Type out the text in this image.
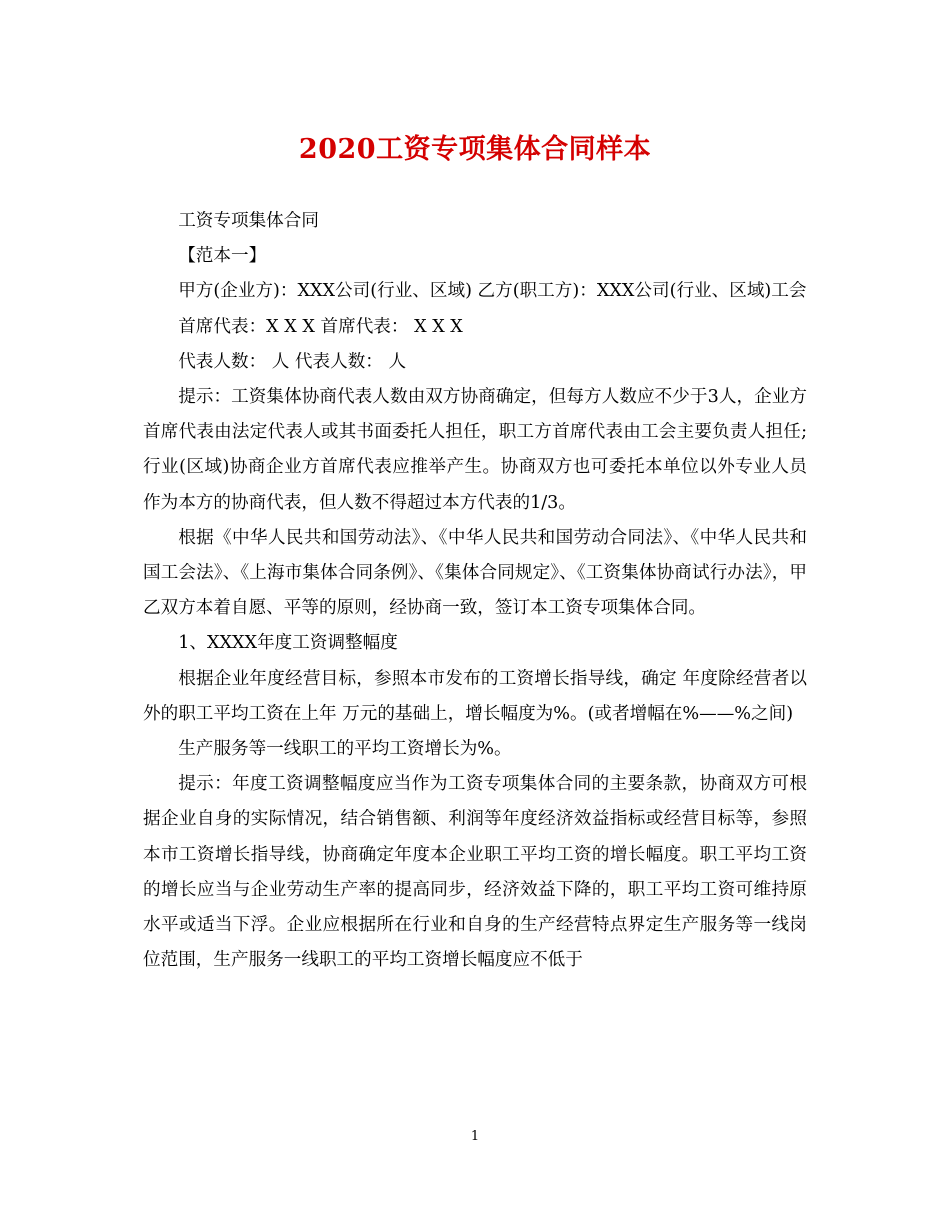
2020工资专项集体合同样本

工资专项集体合同

【范本一】

甲方(企业方)：XXX公司(行业、区域) 乙方(职工方)：XXX公司(行业、区域)工会

首席代表：X X X 首席代表： X X X

代表人数： 人 代表人数： 人

提示：工资集体协商代表人数由双方协商确定，但每方人数应不少于3人，企业方首席代表由法定代表人或其书面委托人担任，职工方首席代表由工会主要负责人担任;行业(区域)协商企业方首席代表应推举产生。协商双方也可委托本单位以外专业人员作为本方的协商代表，但人数不得超过本方代表的1/3。

根据《中华人民共和国劳动法》、《中华人民共和国劳动合同法》、《中华人民共和国工会法》、《上海市集体合同条例》、《集体合同规定》、《工资集体协商试行办法》，甲乙双方本着自愿、平等的原则，经协商一致，签订本工资专项集体合同。

1、XXXX年度工资调整幅度

根据企业年度经营目标，参照本市发布的工资增长指导线，确定 年度除经营者以外的职工平均工资在上年 万元的基础上，增长幅度为%。(或者增幅在%——%之间)

生产服务等一线职工的平均工资增长为%。

提示：年度工资调整幅度应当作为工资专项集体合同的主要条款，协商双方可根据企业自身的实际情况，结合销售额、利润等年度经济效益指标或经营目标等，参照本市工资增长指导线，协商确定年度本企业职工平均工资的增长幅度。职工平均工资的增长应当与企业劳动生产率的提高同步，经济效益下降的，职工平均工资可维持原水平或适当下浮。企业应根据所在行业和自身的生产经营特点界定生产服务等一线岗位范围，生产服务一线职工的平均工资增长幅度应不低于

1
